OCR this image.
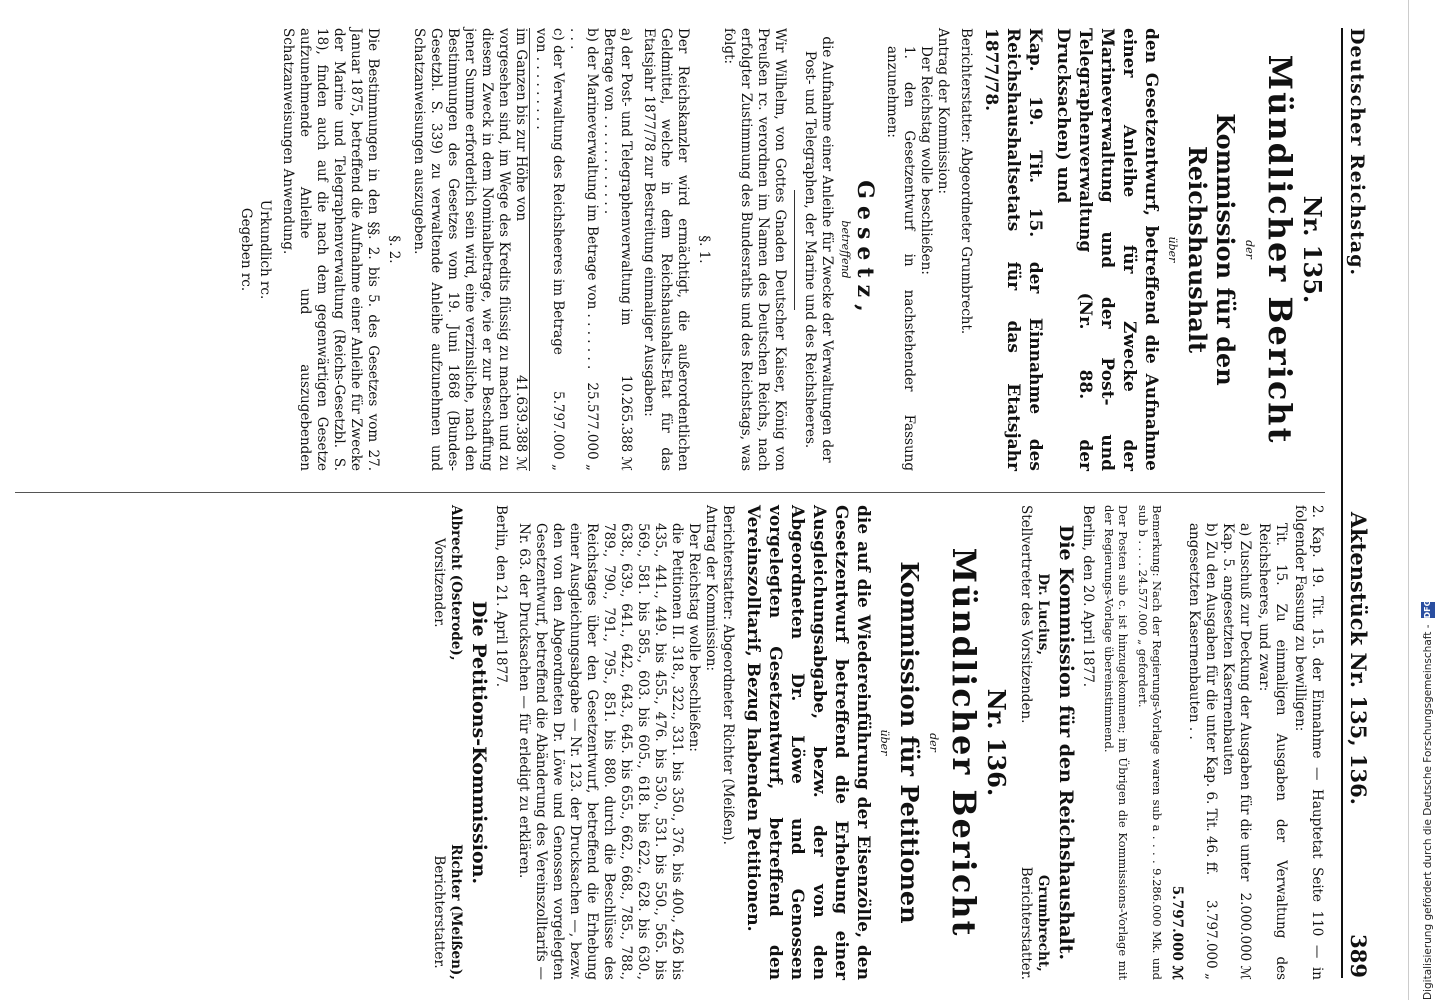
Deutscher Reichstag.
Aktenstück Nr. 135, 136.
389
Nr. 135.
Mündlicher Bericht
der
Kommission für den Reichshaushalt
über

den Gesetzentwurf, betreffend die Aufnahme einer Anleihe für Zwecke der Marineverwaltung und der Post- und Telegraphenverwaltung (Nr. 88. der Drucksachen) und

Kap. 19. Tit. 15. der Einnahme des Reichshaushaltsetats für das Etatsjahr 1877/78.

Berichterstatter: Abgeordneter Grumbrecht.

Antrag der Kommission:

Der Reichstag wolle beschließen:

1. den Gesetzentwurf in nachstehender Fassung anzunehmen:

Gesetz,
betreffend

die Aufnahme einer Anleihe für Zwecke der Verwaltungen der Post- und Telegraphen, der Marine und des Reichsheeres.

Wir Wilhelm, von Gottes Gnaden Deutscher Kaiser, König von Preußen rc. verordnen im Namen des Deutschen Reichs, nach erfolgter Zustimmung des Bundesraths und des Reichstags, was folgt:

§. 1.

Der Reichskanzler wird ermächtigt, die außerordentlichen Geldmittel, welche in dem Reichshaushalts-Etat für das Etatsjahr 1877/78 zur Bestreitung einmaliger Ausgaben:

a) der Post- und Telegraphenverwaltung im Betrage von . . . . . . . . . . . .
10.265.388 ℳ
b) der Marineverwaltung im Betrage von . . . . . . . . . .
25.577.000 „
c) der Verwaltung des Reichsheeres im Betrage von . . . . . . . . .
5.797.000 „
im Ganzen bis zur Höhe von
41.639.388 ℳ

vorgesehen sind, im Wege des Kredits flüssig zu machen und zu diesem Zweck in dem Nominalbetrage, wie er zur Beschaffung jener Summe erforderlich sein wird, eine verzinsliche, nach den Bestimmungen des Gesetzes vom 19. Juni 1868 (Bundes-Gesetzbl. S. 339) zu verwaltende Anleihe aufzunehmen und Schatzanweisungen auszugeben.

§. 2.

Die Bestimmungen in den §§. 2. bis 5. des Gesetzes vom 27. Januar 1875, betreffend die Aufnahme einer Anleihe für Zwecke der Marine und Telegraphenverwaltung (Reichs-Gesetzbl. S. 18), finden auch auf die nach dem gegenwärtigen Gesetze aufzunehmende Anleihe und auszugebenden Schatzanweisungen Anwendung.

Urkundlich rc.

Gegeben rc.

2. Kap. 19. Tit. 15. der Einnahme — Hauptetat Seite 110 — in folgender Fassung zu bewilligen:

Tit. 15. Zu einmaligen Ausgaben der Verwaltung des Reichsheeres, und zwar:

a) Zuschuß zur Deckung der Ausgaben für die unter Kap. 5. angesetzten Kasernenbauten
2.000.000 ℳ
b) Zu den Ausgaben für die unter Kap. 6. Tit. 46. ff. angesetzten Kasernenbauten . .
3.797.000 „
5.797.000 ℳ

Bemerkung: Nach der Regierungs-Vorlage waren sub a . . . . 9.286.000 Mk. und sub b . . . . 24.577.000 „ gefordert.

Der Posten sub c. ist hinzugekommen; im Übrigen die Kommissions-Vorlage mit der Regierungs-Vorlage übereinstimmend.

Berlin, den 20. April 1877.

Die Kommission für den Reichshaushalt.
Dr. Lucius,
Stellvertreter des Vorsitzenden.
Grumbrecht,
Berichterstatter.
Nr. 136.
Mündlicher Bericht
der
Kommission für Petitionen
über

die auf die Wiedereinführung der Eisenzölle, den Gesetzentwurf betreffend die Erhebung einer Ausgleichungsabgabe, bezw. der von den Abgeordneten Dr. Löwe und Genossen vorgelegten Gesetzentwurf, betreffend den Vereinszolltarif, Bezug habenden Petitionen.

Berichterstatter: Abgeordneter Richter (Meißen).

Antrag der Kommission:

Der Reichstag wolle beschließen:

die Petitionen II. 318., 322., 331. bis 350., 376. bis 400., 426 bis 435., 441., 449. bis 455., 476. bis 530., 531. bis 550., 565. bis 569., 581. bis 585., 603. bis 605., 618. bis 622., 628. bis 630., 638., 639., 641., 642., 643., 645. bis 655., 662., 668., 785., 788., 789., 790., 791., 795., 851. bis 880. durch die Beschlüsse des Reichstages über den Gesetzentwurf, betreffend die Erhebung einer Ausgleichungsabgabe — Nr. 123. der Drucksachen —, bezw. den von den Abgeordneten Dr. Löwe und Genossen vorgelegten Gesetzentwurf, betreffend die Abänderung des Vereinszolltarifs — Nr. 63. der Drucksachen — für erledigt zu erklären.

Berlin, den 21. April 1877.

Die Petitions-Kommission.
Albrecht (Osterode),
Vorsitzender.
Richter (Meißen),
Berichterstatter.	Digitalisierung gefördert durch die Deutsche Forschungsgemeinschaft -
DFG
